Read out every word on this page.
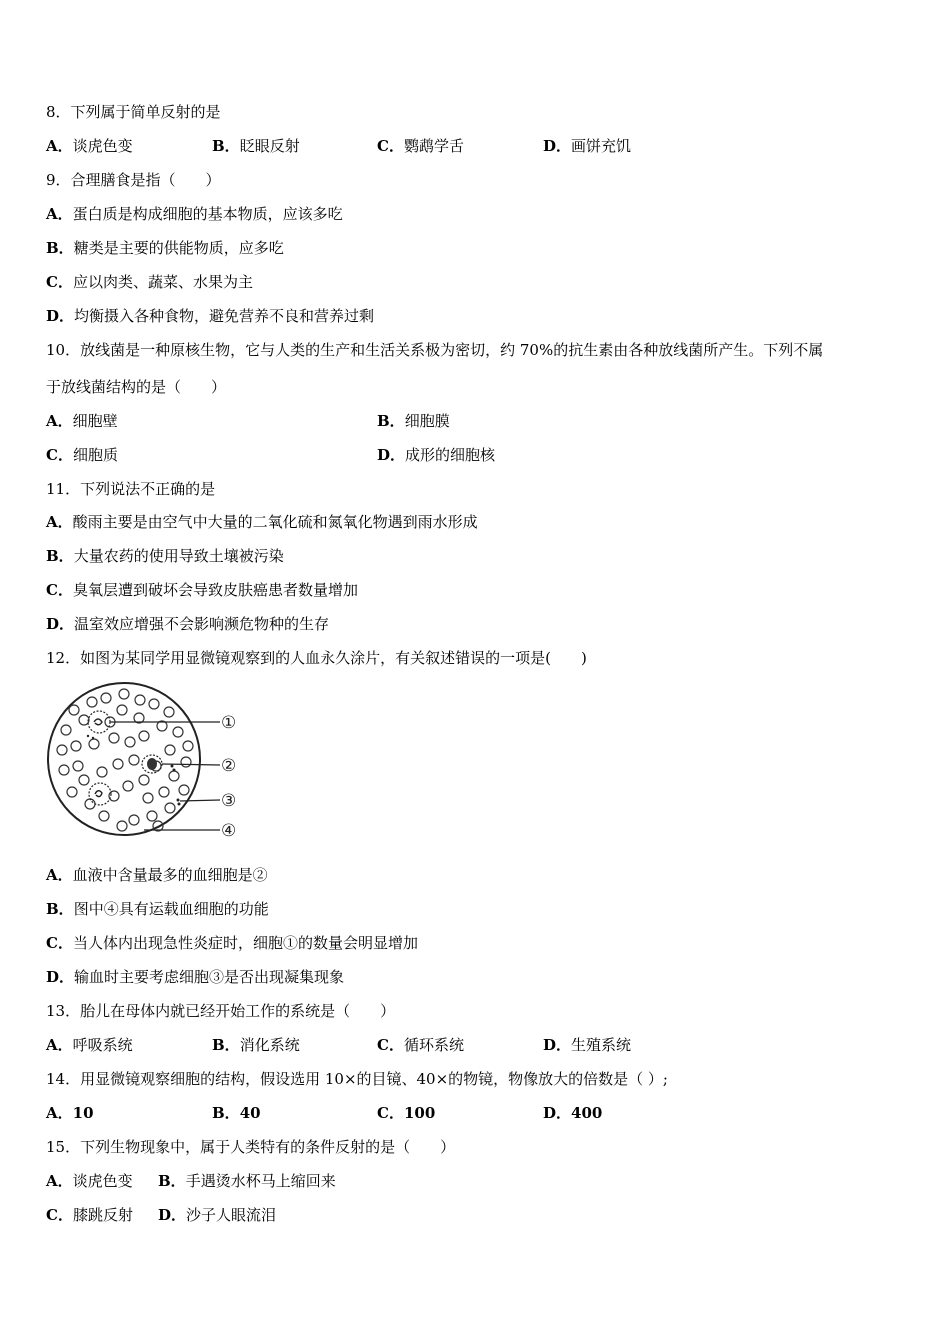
8．下列属于简单反射的是
A．谈虎色变	B．眨眼反射	C．鹦鹉学舌	D．画饼充饥
9．合理膳食是指（　　）
A．蛋白质是构成细胞的基本物质，应该多吃
B．糖类是主要的供能物质，应多吃
C．应以肉类、蔬菜、水果为主
D．均衡摄入各种食物，避免营养不良和营养过剩
10．放线菌是一种原核生物，它与人类的生产和生活关系极为密切，约 70%的抗生素由各种放线菌所产生。下列不属
于放线菌结构的是（　　）
A．细胞壁	B．细胞膜
C．细胞质	D．成形的细胞核
11．下列说法不正确的是
A．酸雨主要是由空气中大量的二氧化硫和氮氧化物遇到雨水形成
B．大量农药的使用导致土壤被污染
C．臭氧层遭到破坏会导致皮肤癌患者数量增加
D．温室效应增强不会影响濒危物种的生存
12．如图为某同学用显微镜观察到的人血永久涂片，有关叙述错误的一项是(　　)
①
②
③
④
A．血液中含量最多的血细胞是②
B．图中④具有运载血细胞的功能
C．当人体内出现急性炎症时，细胞①的数量会明显增加
D．输血时主要考虑细胞③是否出现凝集现象
13．胎儿在母体内就已经开始工作的系统是（　　）
A．呼吸系统	B．消化系统	C．循环系统	D．生殖系统
14．用显微镜观察细胞的结构，假设选用 10×的目镜、40×的物镜，物像放大的倍数是（ ）;
A．10	B．40	C．100	D．400
15．下列生物现象中，属于人类特有的条件反射的是（　　）
A．谈虎色变 B．手遇烫水杯马上缩回来
C．膝跳反射 D．沙子人眼流泪
